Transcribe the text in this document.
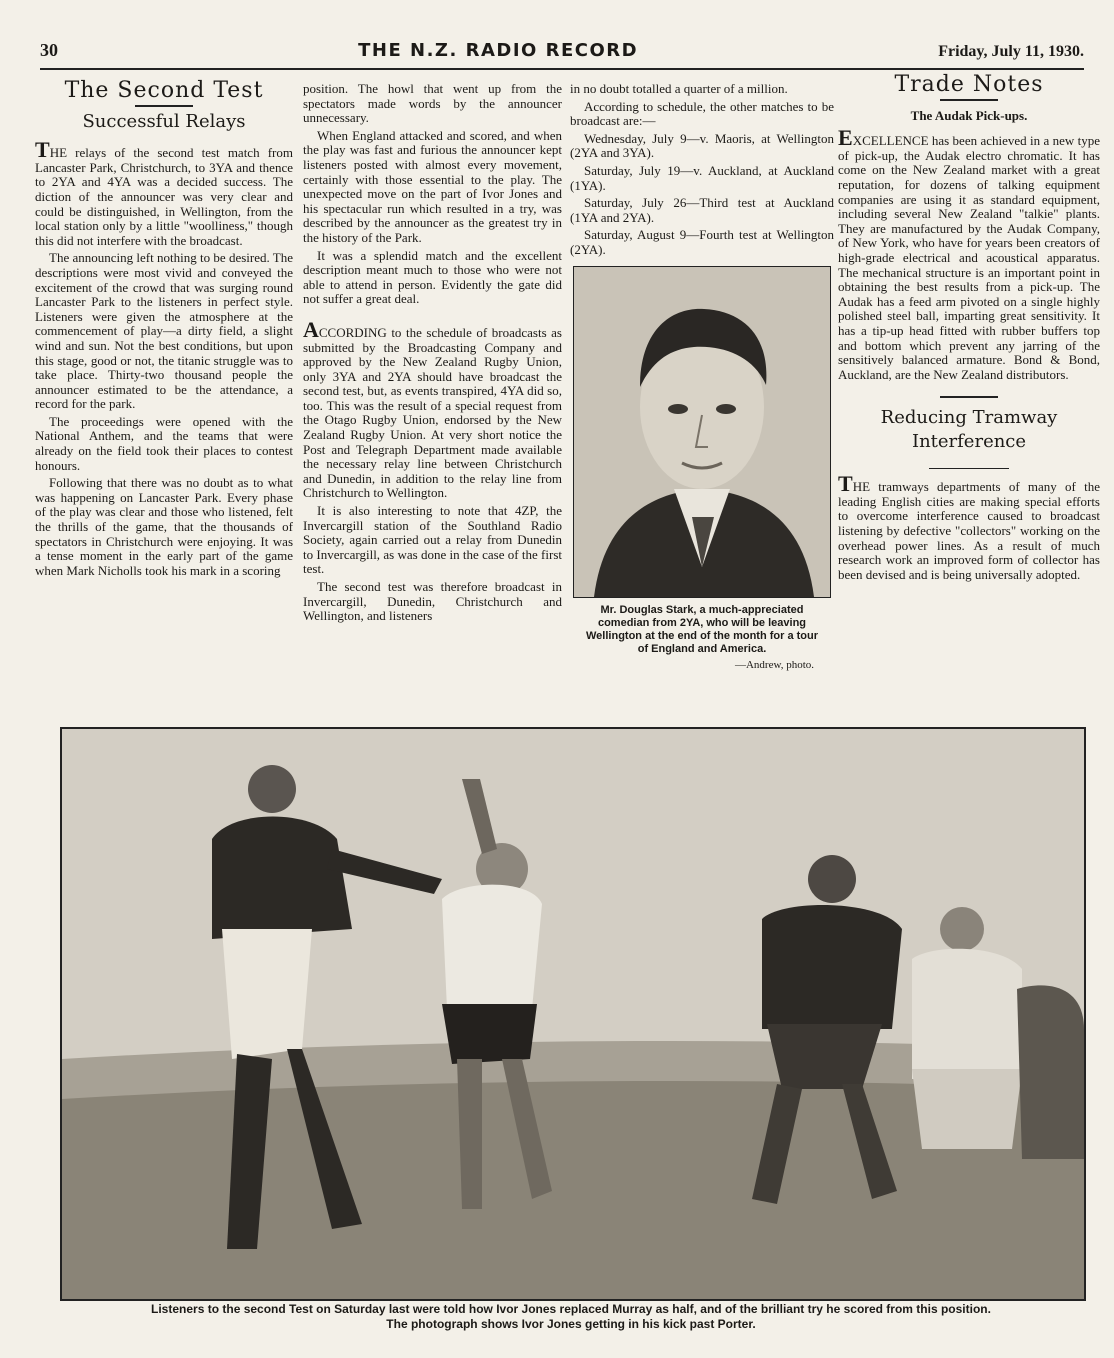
30	THE N.Z. RADIO RECORD	Friday, July 11, 1930.
The Second Test
Successful Relays

THE relays of the second test match from Lancaster Park, Christchurch, to 3YA and thence to 2YA and 4YA was a decided success. The diction of the announcer was very clear and could be distinguished, in Wellington, from the local station only by a little "woolliness," though this did not interfere with the broadcast.

The announcing left nothing to be desired. The descriptions were most vivid and conveyed the excitement of the crowd that was surging round Lancaster Park to the listeners in perfect style. Listeners were given the atmosphere at the commencement of play—a dirty field, a slight wind and sun. Not the best conditions, but upon this stage, good or not, the titanic struggle was to take place. Thirty-two thousand people the announcer estimated to be the attendance, a record for the park.

The proceedings were opened with the National Anthem, and the teams that were already on the field took their places to contest honours.

Following that there was no doubt as to what was happening on Lancaster Park. Every phase of the play was clear and those who listened, felt the thrills of the game, that the thousands of spectators in Christchurch were enjoying. It was a tense moment in the early part of the game when Mark Nicholls took his mark in a scoring

position. The howl that went up from the spectators made words by the announcer unnecessary.

When England attacked and scored, and when the play was fast and furious the announcer kept listeners posted with almost every movement, certainly with those essential to the play. The unexpected move on the part of Ivor Jones and his spectacular run which resulted in a try, was described by the announcer as the greatest try in the history of the Park.

It was a splendid match and the excellent description meant much to those who were not able to attend in person. Evidently the gate did not suffer a great deal.

ACCORDING to the schedule of broadcasts as submitted by the Broadcasting Company and approved by the New Zealand Rugby Union, only 3YA and 2YA should have broadcast the second test, but, as events transpired, 4YA did so, too. This was the result of a special request from the Otago Rugby Union, endorsed by the New Zealand Rugby Union. At very short notice the Post and Telegraph Department made available the necessary relay line between Christchurch and Dunedin, in addition to the relay line from Christchurch to Wellington.

It is also interesting to note that 4ZP, the Invercargill station of the Southland Radio Society, again carried out a relay from Dunedin to Invercargill, as was done in the case of the first test.

The second test was therefore broadcast in Invercargill, Dunedin, Christchurch and Wellington, and listeners

in no doubt totalled a quarter of a million.

According to schedule, the other matches to be broadcast are:—

Wednesday, July 9—v. Maoris, at Wellington (2YA and 3YA).

Saturday, July 19—v. Auckland, at Auckland (1YA).

Saturday, July 26—Third test at Auckland (1YA and 2YA).

Saturday, August 9—Fourth test at Wellington (2YA).

Mr. Douglas Stark, a much-appreciated comedian from 2YA, who will be leaving Wellington at the end of the month for a tour of England and America.
—Andrew, photo.
Trade Notes
The Audak Pick-ups.

EXCELLENCE has been achieved in a new type of pick-up, the Audak electro chromatic. It has come on the New Zealand market with a great reputation, for dozens of talking equipment companies are using it as standard equipment, including several New Zealand "talkie" plants. They are manufactured by the Audak Company, of New York, who have for years been creators of high-grade electrical and acoustical apparatus. The mechanical structure is an important point in obtaining the best results from a pick-up. The Audak has a feed arm pivoted on a single highly polished steel ball, imparting great sensitivity. It has a tip-up head fitted with rubber buffers top and bottom which prevent any jarring of the sensitively balanced armature. Bond & Bond, Auckland, are the New Zealand distributors.

Reducing Tramway
Interference

THE tramways departments of many of the leading English cities are making special efforts to overcome interference caused to broadcast listening by defective "collectors" working on the overhead power lines. As a result of much research work an improved form of collector has been devised and is being universally adopted.

Listeners to the second Test on Saturday last were told how Ivor Jones replaced Murray as half, and of the brilliant try he scored from this position.
The photograph shows Ivor Jones getting in his kick past Porter.
